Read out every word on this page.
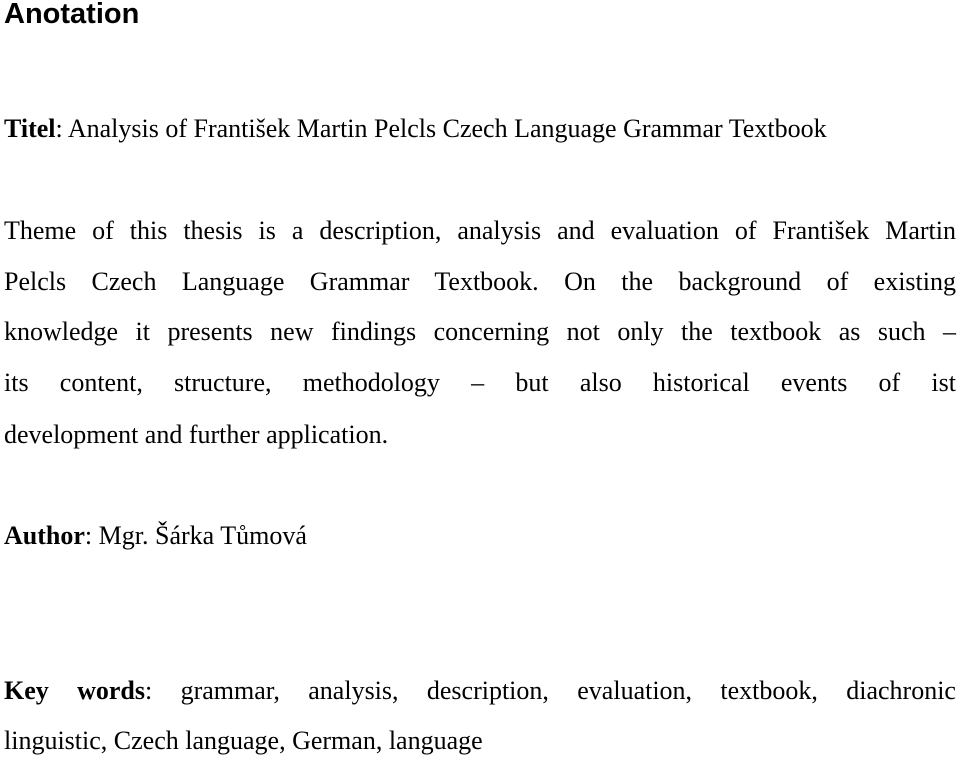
Anotation
Titel: Analysis of František Martin Pelcls Czech Language Grammar Textbook
Theme of this thesis is a description, analysis and evaluation of František Martin
Pelcls Czech Language Grammar Textbook. On the background of existing
knowledge it presents new findings concerning not only the textbook as such –
its content, structure, methodology – but also historical events of ist
development and further application.
Author: Mgr. Šárka Tůmová
Key words: grammar, analysis, description, evaluation, textbook, diachronic
linguistic, Czech language, German, language
